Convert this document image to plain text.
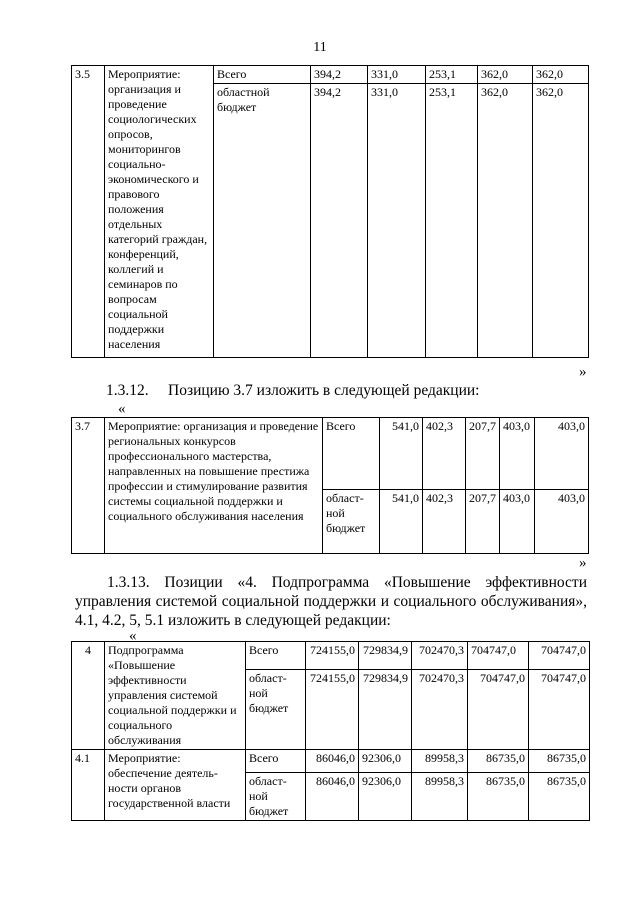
11
3.5	Мероприятие: организация и проведение социологических опросов, мониторингов социально-экономического и правового положения отдельных категорий граждан, конференций, коллегий и семинаров по вопросам социальной поддержки населения	Всего	394,2	331,0	253,1	362,0	362,0
		областной бюджет	394,2	331,0	253,1	362,0	362,0
»
1.3.12.     Позицию 3.7 изложить в следующей редакции:
«
3.7	Мероприятие: организация и проведение региональных конкурсов профессионального мастерства, направленных на повышение престижа профессии и стимулирование развития системы социальной поддержки и социального обслуживания населения	Всего	541,0	402,3	207,7	403,0	403,0
		област-ной бюджет	541,0	402,3	207,7	403,0	403,0
»
1.3.13. Позиции «4. Подпрограмма «Повышение эффективности управления системой социальной поддержки и социального обслуживания», 4.1, 4.2, 5, 5.1 изложить в следующей редакции:
«
4	Подпрограмма «Повышение эффективности управления системой социальной поддержки и социального обслуживания	Всего	724155,0	729834,9	702470,3	704747,0	704747,0
		област-ной бюджет	724155,0	729834,9	702470,3	704747,0	704747,0
4.1	Мероприятие: обеспечение деятель-ности органов государственной власти	Всего	86046,0	92306,0	89958,3	86735,0	86735,0
		област-ной бюджет	86046,0	92306,0	89958,3	86735,0	86735,0
